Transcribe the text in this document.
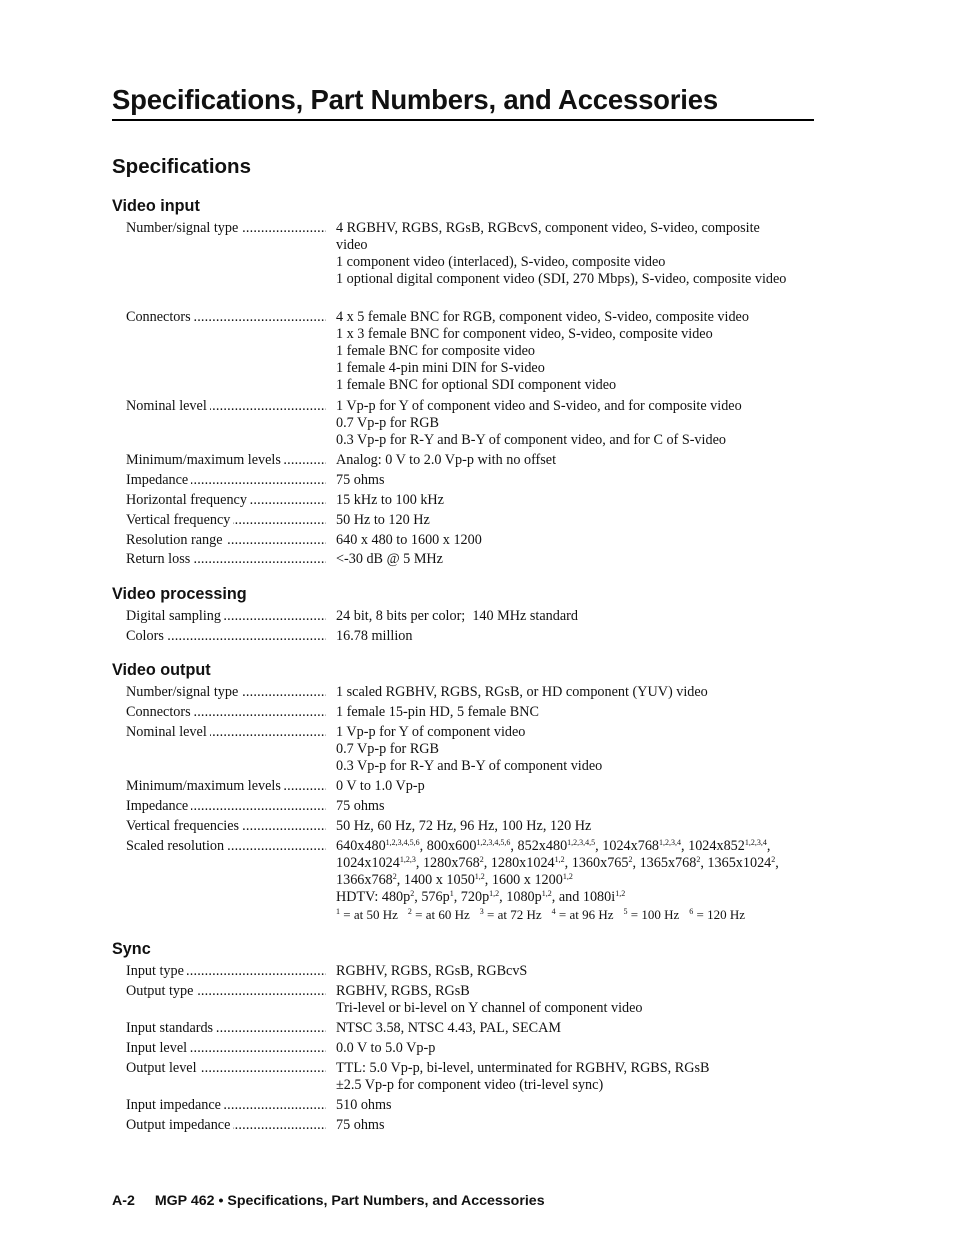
Specifications, Part Numbers, and Accessories
Specifications
Video input
Number/signal type .....	4 RGBHV, RGBS, RGsB, RGBcvS, component video, S-video, composite video
1 component video (interlaced), S-video, composite video
1 optional digital component video (SDI, 270 Mbps), S-video, composite video
Connectors .....	4 x 5 female BNC for RGB, component video, S-video, composite video
1 x 3 female BNC for component video, S-video, composite video
1 female BNC for composite video
1 female 4-pin mini DIN for S-video
1 female BNC for optional SDI component video
Nominal level .....	1 Vp-p for Y of component video and S-video, and for composite video
0.7 Vp-p for RGB
0.3 Vp-p for R-Y and B-Y of component video, and for C of S-video
Minimum/maximum levels .....	Analog: 0 V to 2.0 Vp-p with no offset
Impedance .....	75 ohms
Horizontal frequency .....	15 kHz to 100 kHz
Vertical frequency .....	50 Hz to 120 Hz
Resolution range .....	640 x 480 to 1600 x 1200
Return loss .....	<-30 dB @ 5 MHz
Video processing
Digital sampling .....	24 bit, 8 bits per color;  140 MHz standard
Colors .....	16.78 million
Video output
Number/signal type .....	1 scaled RGBHV, RGBS, RGsB, or HD component (YUV) video
Connectors .....	1 female 15-pin HD, 5 female BNC
Nominal level .....	1 Vp-p for Y of component video
0.7 Vp-p for RGB
0.3 Vp-p for R-Y and B-Y of component video
Minimum/maximum levels .....	0 V to 1.0 Vp-p
Impedance .....	75 ohms
Vertical frequencies .....	50 Hz, 60 Hz, 72 Hz, 96 Hz, 100 Hz, 120 Hz
Scaled resolution .....	640x480$^{1,2,3,4,5,6}$, 800x600$^{1,2,3,4,5,6}$, 852x480$^{1,2,3,4,5}$, 1024x768$^{1,2,3,4}$, 1024x852$^{1,2,3,4}$,
1024x1024$^{1,2,3}$, $1280x768^2$, 1280x1024$^{1,2}$, $1360x765^2$, $1365x768^2$, 1365x1024$^2$,
$1366x768^2$, 1400 x 1050$^{1,2}$, 1600 x 1200$^{1,2}$
HDTV: $480p^2$, $576p^1$, $720p^{1,2}$, $1080p^{1,2}$, and $1080i^{1,2}$
$^1$ = at 50 Hz $^2$ = at 60 Hz $^3$ = at 72 Hz $^4$ = at 96 Hz $^5$ = 100 Hz $^6$ = 120 Hz
Sync
Input type .....	RGBHV, RGBS, RGsB, RGBcvS
Output type .....	RGBHV, RGBS, RGsB
Tri-level or bi-level on Y channel of component video
Input standards .....	NTSC 3.58, NTSC 4.43, PAL, SECAM
Input level .....	0.0 V to 5.0 Vp-p
Output level .....	TTL: 5.0 Vp-p, bi-level, unterminated for RGBHV, RGBS, RGsB
±2.5 Vp-p for component video (tri-level sync)
Input impedance .....	510 ohms
Output impedance .....	75 ohms

A-2 MGP 462 • Specifications, Part Numbers, and Accessories
